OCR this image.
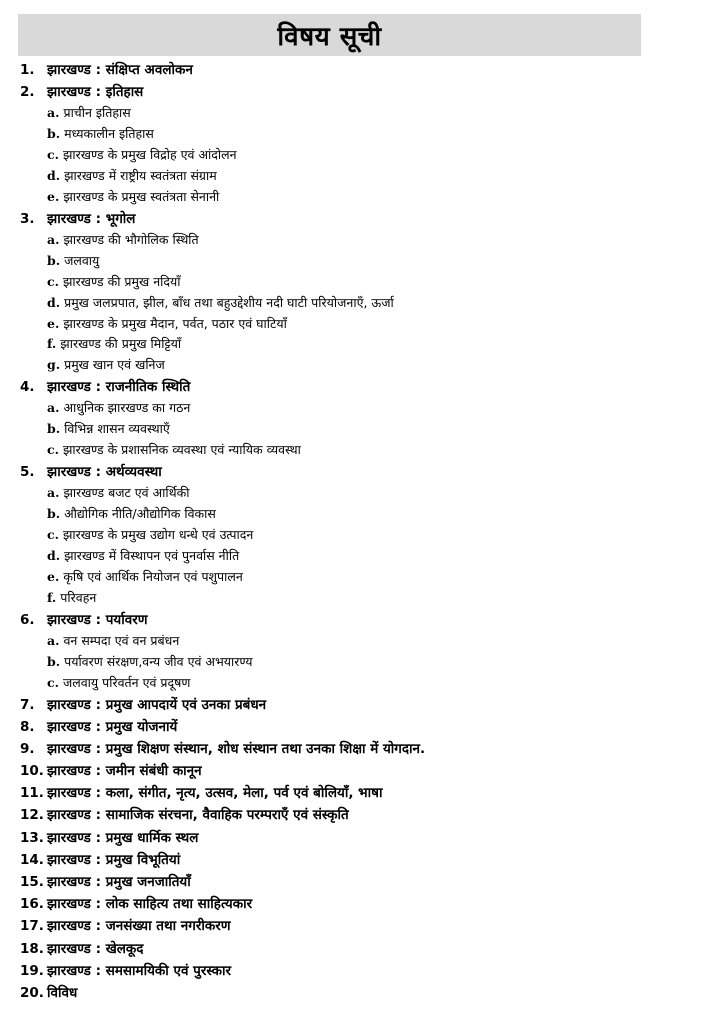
विषय सूची
1. झारखण्ड : संक्षिप्त अवलोकन
2. झारखण्ड : इतिहास
a. प्राचीन इतिहास
b. मध्यकालीन इतिहास
c. झारखण्ड के प्रमुख विद्रोह एवं आंदोलन
d. झारखण्ड में राष्ट्रीय स्वतंत्रता संग्राम
e. झारखण्ड के प्रमुख स्वतंत्रता सेनानी
3. झारखण्ड : भूगोल
a. झारखण्ड की भौगोलिक स्थिति
b. जलवायु
c. झारखण्ड की प्रमुख नदियाँ
d. प्रमुख जलप्रपात, झील, बाँध तथा बहुउद्देशीय नदी घाटी परियोजनाएँ, ऊर्जा
e. झारखण्ड के प्रमुख मैदान, पर्वत, पठार एवं घाटियाँ
f. झारखण्ड की प्रमुख मिट्टियाँ
g. प्रमुख खान एवं खनिज
4. झारखण्ड : राजनीतिक स्थिति
a. आधुनिक झारखण्ड का गठन
b. विभिन्न शासन व्यवस्थाएँ
c. झारखण्ड के प्रशासनिक व्यवस्था एवं न्यायिक व्यवस्था
5. झारखण्ड : अर्थव्यवस्था
a. झारखण्ड बजट एवं आर्थिकी
b. औद्योगिक नीति/औद्योगिक विकास
c. झारखण्ड के प्रमुख उद्योग धन्धे एवं उत्पादन
d. झारखण्ड में विस्थापन एवं पुनर्वास नीति
e. कृषि एवं आर्थिक नियोजन एवं पशुपालन
f. परिवहन
6. झारखण्ड : पर्यावरण
a. वन सम्पदा एवं वन प्रबंधन
b. पर्यावरण संरक्षण,वन्य जीव एवं अभयारण्य
c. जलवायु परिवर्तन एवं प्रदूषण
7. झारखण्ड : प्रमुख आपदायें एवं उनका प्रबंधन
8. झारखण्ड : प्रमुख योजनायें
9. झारखण्ड : प्रमुख शिक्षण संस्थान, शोध संस्थान तथा उनका शिक्षा में योगदान.
10. झारखण्ड : जमीन संबंधी कानून
11. झारखण्ड : कला, संगीत, नृत्य, उत्सव, मेला, पर्व एवं बोलियाँ, भाषा
12. झारखण्ड : सामाजिक संरचना, वैवाहिक परम्पराएँ एवं संस्कृति
13. झारखण्ड : प्रमुख धार्मिक स्थल
14. झारखण्ड : प्रमुख विभूतियां
15. झारखण्ड : प्रमुख जनजातियाँ
16. झारखण्ड : लोक साहित्य तथा साहित्यकार
17. झारखण्ड : जनसंख्या तथा नगरीकरण
18. झारखण्ड : खेलकूद
19. झारखण्ड : समसामयिकी एवं पुरस्कार
20. विविध
